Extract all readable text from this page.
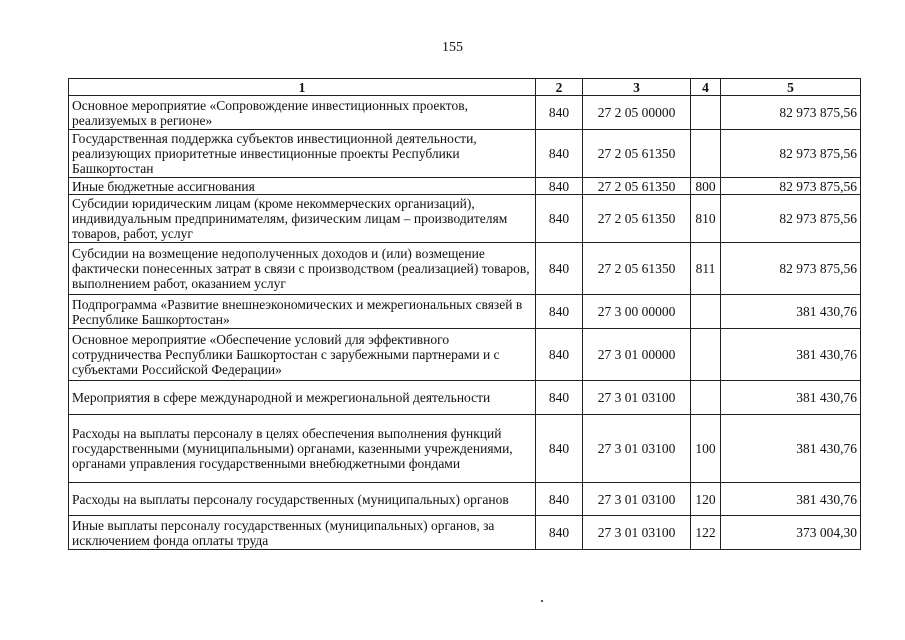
155
1	2	3	4	5
Основное мероприятие «Сопровождение инвестиционных проектов, реализуемых в регионе»	840	27 2 05 00000		82 973 875,56
Государственная поддержка субъектов инвестиционной деятельности, реализующих приоритетные инвестиционные проекты Республики Башкортостан	840	27 2 05 61350		82 973 875,56
Иные бюджетные ассигнования	840	27 2 05 61350	800	82 973 875,56
Субсидии юридическим лицам (кроме некоммерческих организаций), индивидуальным предпринимателям, физическим лицам – производителям товаров, работ, услуг	840	27 2 05 61350	810	82 973 875,56
Субсидии на возмещение недополученных доходов и (или) возмещение фактически понесенных затрат в связи с производством (реализацией) товаров, выполнением работ, оказанием услуг	840	27 2 05 61350	811	82 973 875,56
Подпрограмма «Развитие внешнеэкономических и межрегиональных связей в Республике Башкортостан»	840	27 3 00 00000		381 430,76
Основное мероприятие «Обеспечение условий для эффективного сотрудничества Республики Башкортостан с зарубежными партнерами и с субъектами Российской Федерации»	840	27 3 01 00000		381 430,76
Мероприятия в сфере международной и межрегиональной деятельности	840	27 3 01 03100		381 430,76
Расходы на выплаты персоналу в целях обеспечения выполнения функций государственными (муниципальными) органами, казенными учреждениями, органами управления государственными внебюджетными фондами	840	27 3 01 03100	100	381 430,76
Расходы на выплаты персоналу государственных (муниципальных) органов	840	27 3 01 03100	120	381 430,76
Иные выплаты персоналу государственных (муниципальных) органов, за исключением фонда оплаты труда	840	27 3 01 03100	122	373 004,30
